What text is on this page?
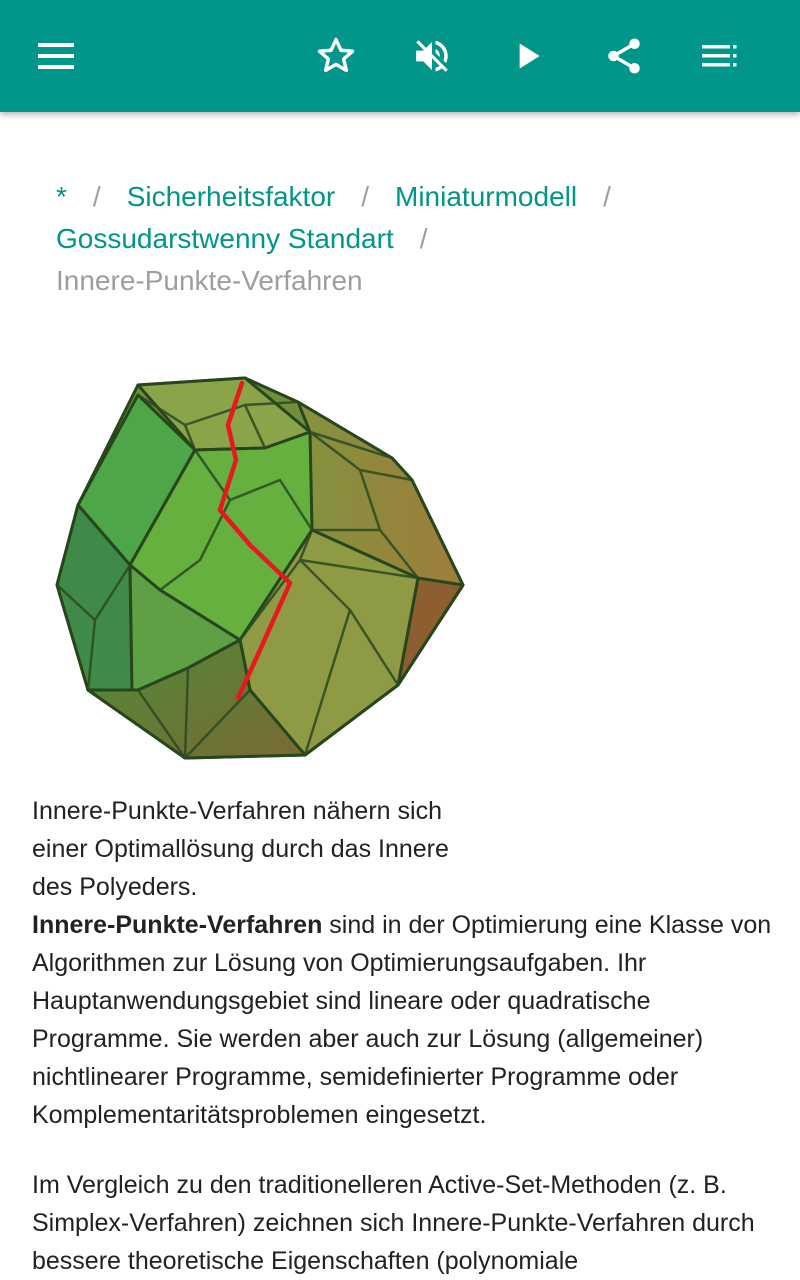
* / Sicherheitsfaktor / Miniaturmodell /
Gossudarstwenny Standart /
Innere-Punkte-Verfahren
Innere-Punkte-Verfahren nähern sich
einer Optimallösung durch das Innere
des Polyeders.
Innere-Punkte-Verfahren sind in der Optimierung eine Klasse von Algorithmen zur Lösung von Optimierungsaufgaben. Ihr Hauptanwendungsgebiet sind lineare oder quadratische Programme. Sie werden aber auch zur Lösung (allgemeiner) nichtlinearer Programme, semidefinierter Programme oder Komplementaritätsproblemen eingesetzt.
Im Vergleich zu den traditionelleren Active-Set-Methoden (z. B. Simplex-Verfahren) zeichnen sich Innere-Punkte-Verfahren durch bessere theoretische Eigenschaften (polynomiale
